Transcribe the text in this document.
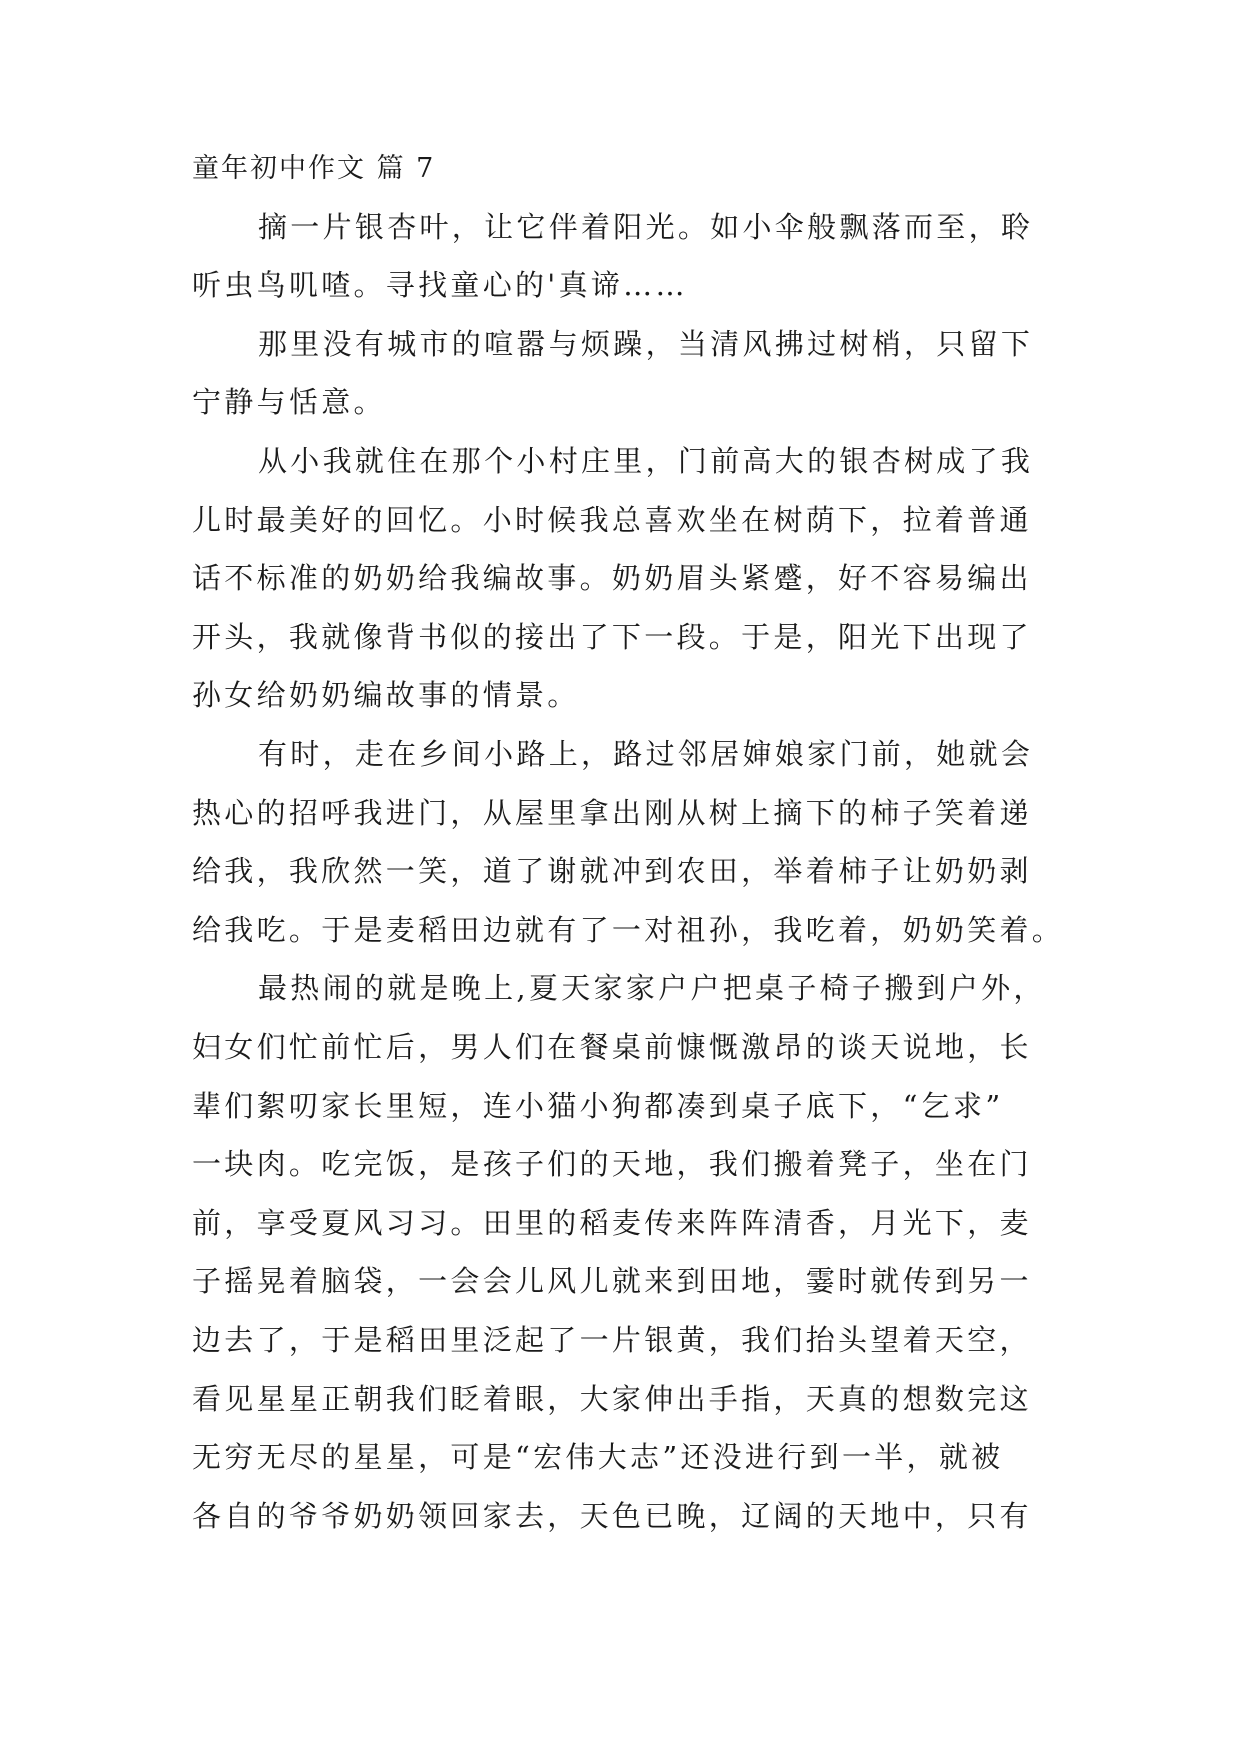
童年初中作文 篇 7
摘一片银杏叶，让它伴着阳光。如小伞般飘落而至，聆
听虫鸟叽喳。寻找童心的'真谛……
那里没有城市的喧嚣与烦躁，当清风拂过树梢，只留下
宁静与恬意。
从小我就住在那个小村庄里，门前高大的银杏树成了我
儿时最美好的回忆。小时候我总喜欢坐在树荫下，拉着普通
话不标准的奶奶给我编故事。奶奶眉头紧蹙，好不容易编出
开头，我就像背书似的接出了下一段。于是，阳光下出现了
孙女给奶奶编故事的情景。
有时，走在乡间小路上，路过邻居婶娘家门前，她就会
热心的招呼我进门，从屋里拿出刚从树上摘下的柿子笑着递
给我，我欣然一笑，道了谢就冲到农田，举着柿子让奶奶剥
给我吃。于是麦稻田边就有了一对祖孙，我吃着，奶奶笑着。
最热闹的就是晚上,夏天家家户户把桌子椅子搬到户外，
妇女们忙前忙后，男人们在餐桌前慷慨激昂的谈天说地，长
辈们絮叨家长里短，连小猫小狗都凑到桌子底下，“乞求”
一块肉。吃完饭，是孩子们的天地，我们搬着凳子，坐在门
前，享受夏风习习。田里的稻麦传来阵阵清香，月光下，麦
子摇晃着脑袋，一会会儿风儿就来到田地，霎时就传到另一
边去了，于是稻田里泛起了一片银黄，我们抬头望着天空，
看见星星正朝我们眨着眼，大家伸出手指，天真的想数完这
无穷无尽的星星，可是“宏伟大志”还没进行到一半，就被
各自的爷爷奶奶领回家去，天色已晚，辽阔的天地中，只有
